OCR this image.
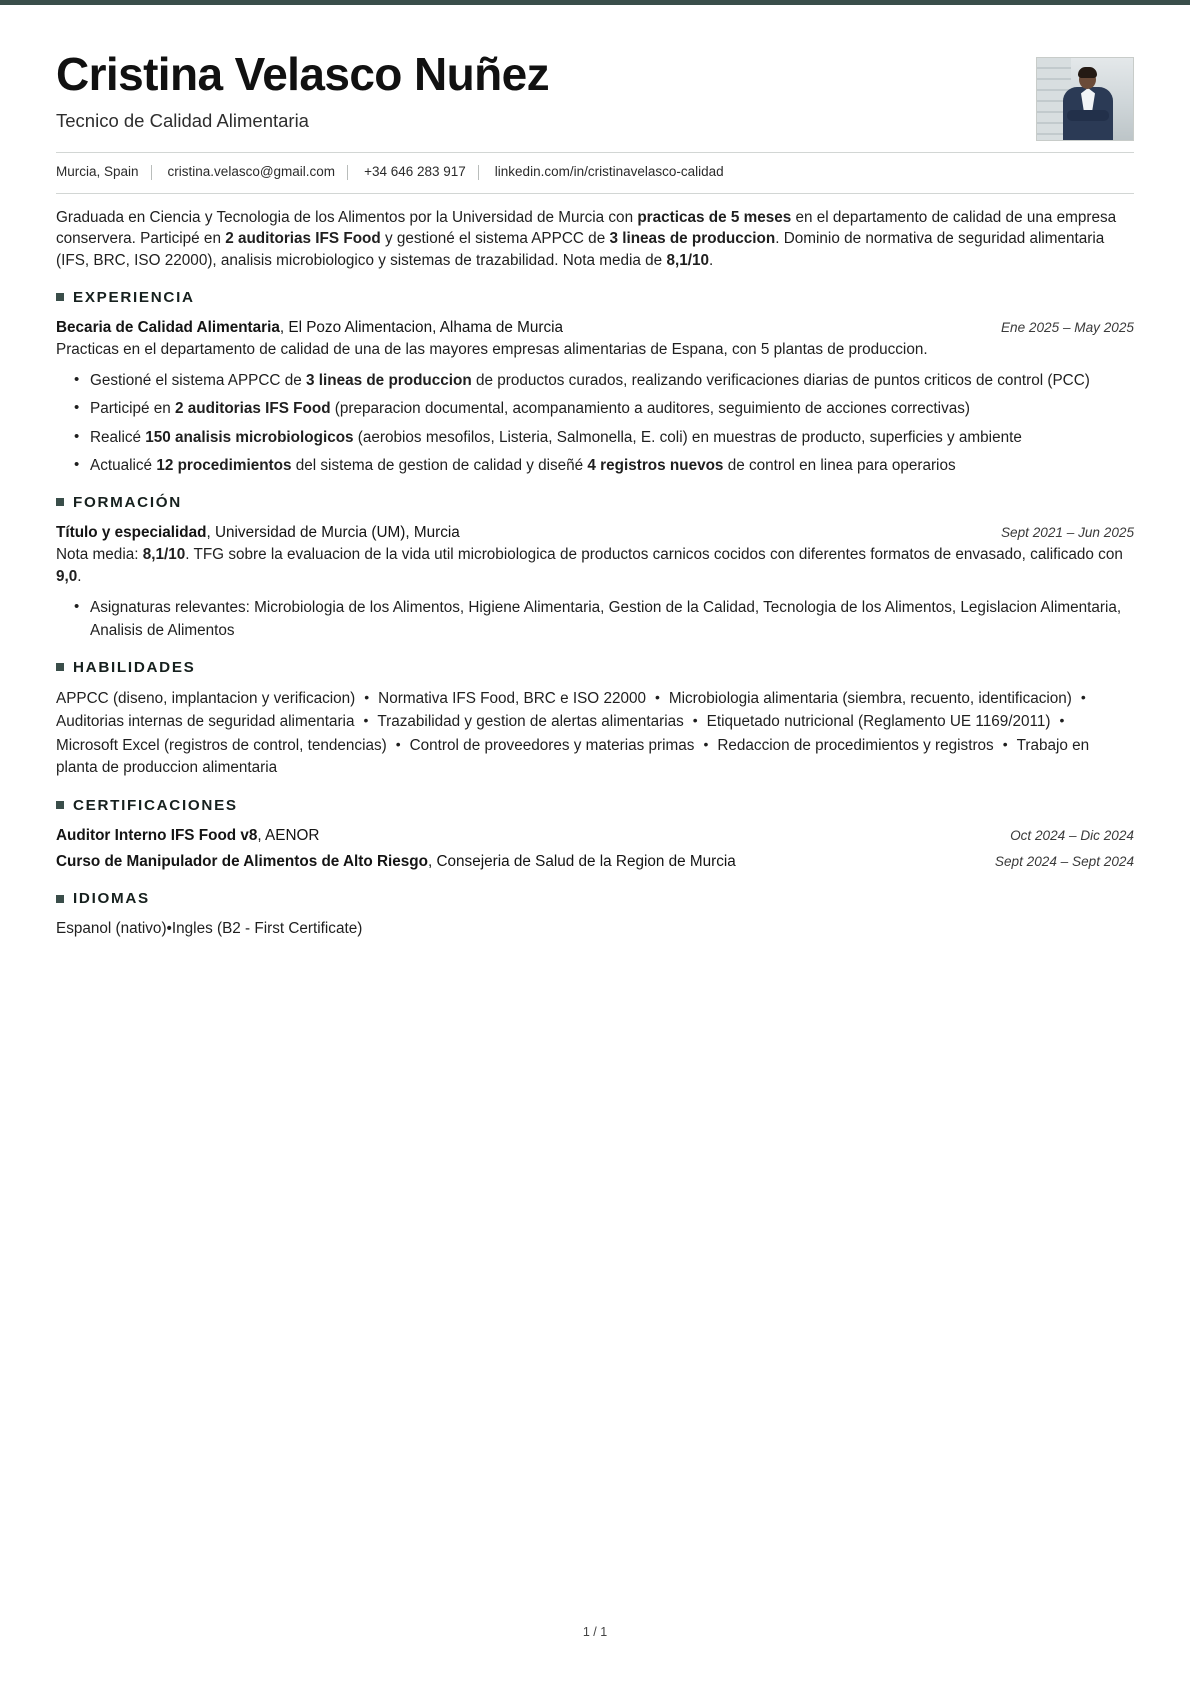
Cristina Velasco Nuñez
Tecnico de Calidad Alimentaria
Murcia, Spain cristina.velasco@gmail.com +34 646 283 917 linkedin.com/in/cristinavelasco-calidad
Graduada en Ciencia y Tecnologia de los Alimentos por la Universidad de Murcia con practicas de 5 meses en el departamento de calidad de una empresa conservera. Participé en 2 auditorias IFS Food y gestioné el sistema APPCC de 3 lineas de produccion. Dominio de normativa de seguridad alimentaria (IFS, BRC, ISO 22000), analisis microbiologico y sistemas de trazabilidad. Nota media de 8,1/10.
EXPERIENCIA
Becaria de Calidad Alimentaria, El Pozo Alimentacion, Alhama de Murcia	Ene 2025 – May 2025
Practicas en el departamento de calidad de una de las mayores empresas alimentarias de Espana, con 5 plantas de produccion.
• Gestioné el sistema APPCC de 3 lineas de produccion de productos curados, realizando verificaciones diarias de puntos criticos de control (PCC)
• Participé en 2 auditorias IFS Food (preparacion documental, acompanamiento a auditores, seguimiento de acciones correctivas)
• Realicé 150 analisis microbiologicos (aerobios mesofilos, Listeria, Salmonella, E. coli) en muestras de producto, superficies y ambiente
• Actualicé 12 procedimientos del sistema de gestion de calidad y diseñé 4 registros nuevos de control en linea para operarios
FORMACIÓN
Título y especialidad, Universidad de Murcia (UM), Murcia	Sept 2021 – Jun 2025
Nota media: 8,1/10. TFG sobre la evaluacion de la vida util microbiologica de productos carnicos cocidos con diferentes formatos de envasado, calificado con 9,0.
• Asignaturas relevantes: Microbiologia de los Alimentos, Higiene Alimentaria, Gestion de la Calidad, Tecnologia de los Alimentos, Legislacion Alimentaria, Analisis de Alimentos
HABILIDADES
APPCC (diseno, implantacion y verificacion) • Normativa IFS Food, BRC e ISO 22000 • Microbiologia alimentaria (siembra, recuento, identificacion) •Auditorias internas de seguridad alimentaria • Trazabilidad y gestion de alertas alimentarias • Etiquetado nutricional (Reglamento UE 1169/2011) •Microsoft Excel (registros de control, tendencias) • Control de proveedores y materias primas • Redaccion de procedimientos y registros • Trabajo en planta de produccion alimentaria
CERTIFICACIONES
Auditor Interno IFS Food v8, AENOR	Oct 2024 – Dic 2024
Curso de Manipulador de Alimentos de Alto Riesgo, Consejeria de Salud de la Region de Murcia	Sept 2024 – Sept 2024
IDIOMAS
Espanol (nativo)•Ingles (B2 - First Certificate)
1 / 1
